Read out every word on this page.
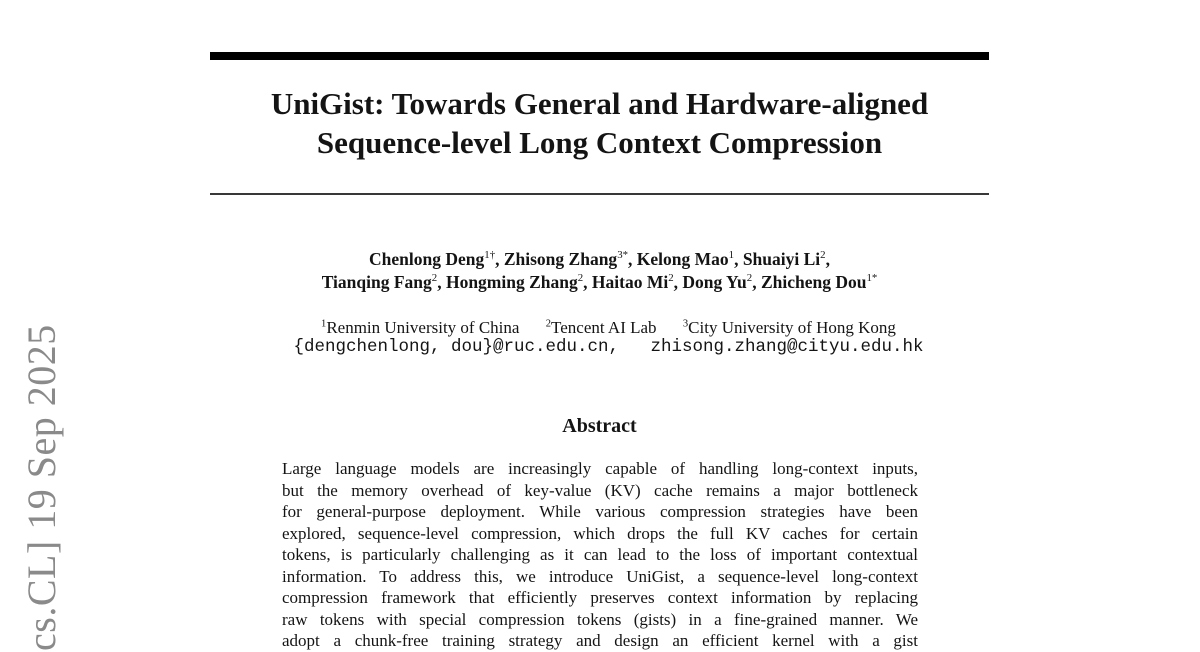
cs.CL] 19 Sep 2025
UniGist: Towards General and Hardware-aligned
Sequence-level Long Context Compression
Chenlong Deng$^{1\dagger}$, Zhisong Zhang$^{3*}$, Kelong Mao$^1$, Shuaiyi Li$^2$,
Tianqing Fang$^2$, Hongming Zhang$^2$, Haitao Mi$^2$, Dong Yu$^2$, Zhicheng Dou$^{1*}$
$^1$Renmin University of China $^2$Tencent AI Lab $^3$City University of Hong Kong
{dengchenlong, dou}@ruc.edu.cn,   zhisong.zhang@cityu.edu.hk
Abstract
Large language models are increasingly capable of handling long-context inputs,
but the memory overhead of key-value (KV) cache remains a major bottleneck
for general-purpose deployment. While various compression strategies have been
explored, sequence-level compression, which drops the full KV caches for certain
tokens, is particularly challenging as it can lead to the loss of important contextual
information. To address this, we introduce UniGist, a sequence-level long-context
compression framework that efficiently preserves context information by replacing
raw tokens with special compression tokens (gists) in a fine-grained manner. We
adopt a chunk-free training strategy and design an efficient kernel with a gist
